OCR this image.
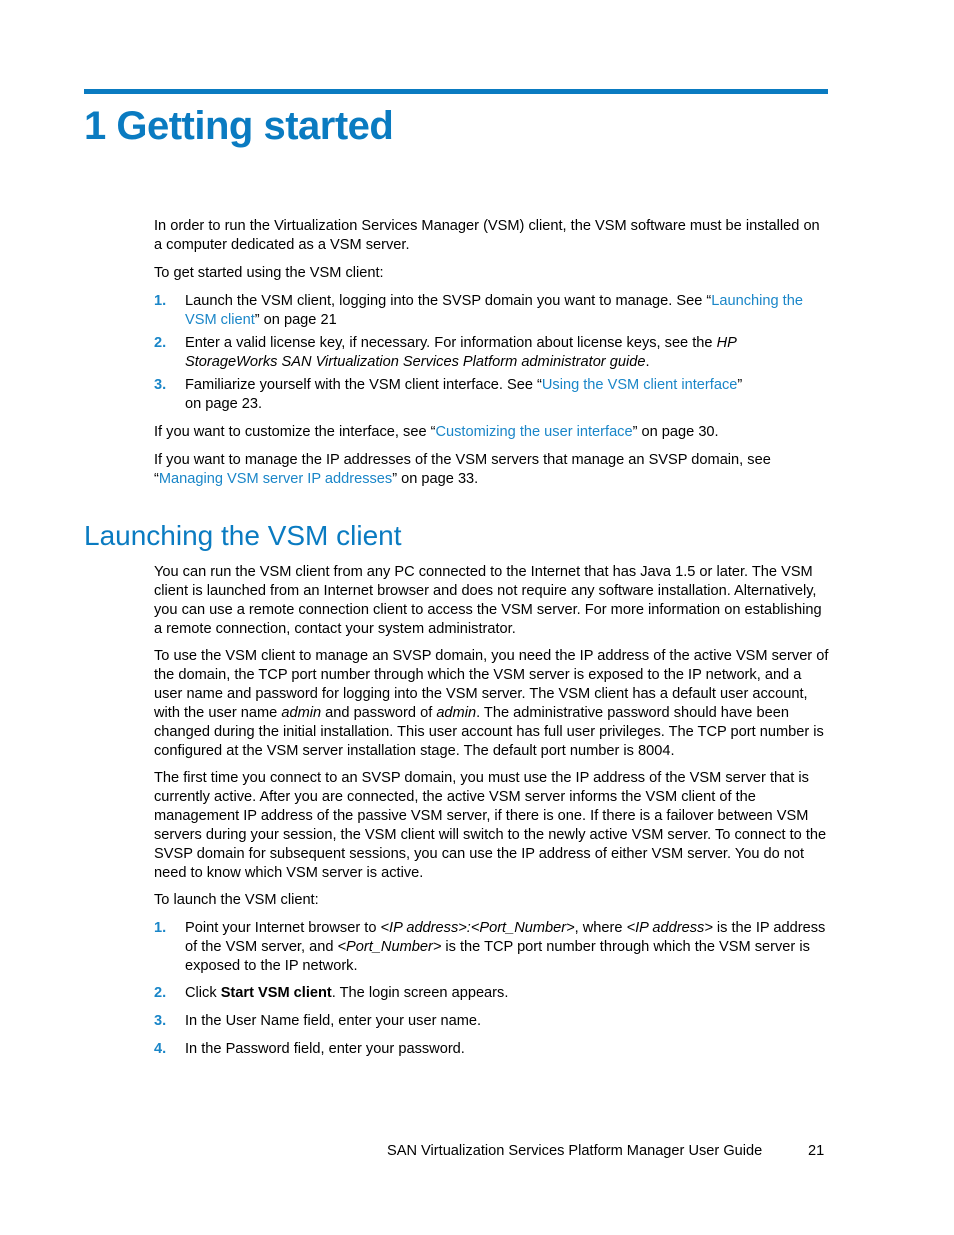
1 Getting started

In order to run the Virtualization Services Manager (VSM) client, the VSM software must be installed on a computer dedicated as a VSM server.

To get started using the VSM client:

1. Launch the VSM client, logging into the SVSP domain you want to manage. See “Launching the VSM client” on page 21
2. Enter a valid license key, if necessary. For information about license keys, see the HP StorageWorks SAN Virtualization Services Platform administrator guide.
3. Familiarize yourself with the VSM client interface. See “Using the VSM client interface” on page 23.

If you want to customize the interface, see “Customizing the user interface” on page 30.

If you want to manage the IP addresses of the VSM servers that manage an SVSP domain, see “Managing VSM server IP addresses” on page 33.

Launching the VSM client

You can run the VSM client from any PC connected to the Internet that has Java 1.5 or later. The VSM client is launched from an Internet browser and does not require any software installation. Alternatively, you can use a remote connection client to access the VSM server. For more information on establishing a remote connection, contact your system administrator.

To use the VSM client to manage an SVSP domain, you need the IP address of the active VSM server of the domain, the TCP port number through which the VSM server is exposed to the IP network, and a user name and password for logging into the VSM server. The VSM client has a default user account, with the user name admin and password of admin. The administrative password should have been changed during the initial installation. This user account has full user privileges. The TCP port number is configured at the VSM server installation stage. The default port number is 8004.

The first time you connect to an SVSP domain, you must use the IP address of the VSM server that is currently active. After you are connected, the active VSM server informs the VSM client of the management IP address of the passive VSM server, if there is one. If there is a failover between VSM servers during your session, the VSM client will switch to the newly active VSM server. To connect to the SVSP domain for subsequent sessions, you can use the IP address of either VSM server. You do not need to know which VSM server is active.

To launch the VSM client:

1. Point your Internet browser to <IP address>:<Port_Number>, where <IP address> is the IP address of the VSM server, and <Port_Number> is the TCP port number through which the VSM server is exposed to the IP network.
2. Click Start VSM client. The login screen appears.
3. In the User Name field, enter your user name.
4. In the Password field, enter your password.
SAN Virtualization Services Platform Manager User Guide	21
